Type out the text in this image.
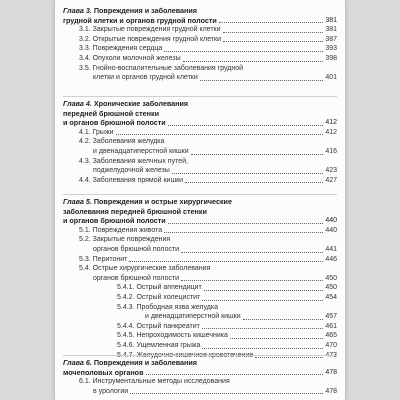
Глава 3. Повреждения и заболевания
грудной клетки и органов грудной полости	381
3.1. Закрытые повреждения грудной клетки	381
3.2. Открытые повреждения грудной клетки	387
3.3. Повреждения сердца	393
3.4. Опухоли молочной железы	398
3.5. Гнойно-воспалительные заболевания грудной
клетки и органов грудной клетки	401
Глава 4. Хронические заболевания
передней брюшной стенки
и органов брюшной полости	412
4.1. Грыжи	412
4.2. Заболевания желудка
и двенадцатиперстной кишки	416
4.3. Заболевания желчных путей,
поджелудочной железы	423
4.4. Заболевания прямой кишки	427
Глава 5. Повреждения и острые хирургические
заболевания передней брюшной стенки
и органов брюшной полости	440
5.1. Повреждения живота	440
5.2. Закрытые повреждения
органов брюшной полости	441
5.3. Перитонит	446
5.4. Острые хирургические заболевания
органов брюшной полости	450
5.4.1. Острый аппендицит	450
5.4.2. Острый холецистит	454
5.4.3. Прободная язва желудка
и двенадцатиперстной кишки	457
5.4.4. Острый панкреатит	461
5.4.5. Непроходимость кишечника	465
5.4.6. Ущемленная грыжа	470
5.4.7. Желудочно-кишечное кровотечение	473
Глава 6. Повреждения и заболевания
мочеполовых органов	478
6.1. Инструментальные методы исследования
в урологии	478
